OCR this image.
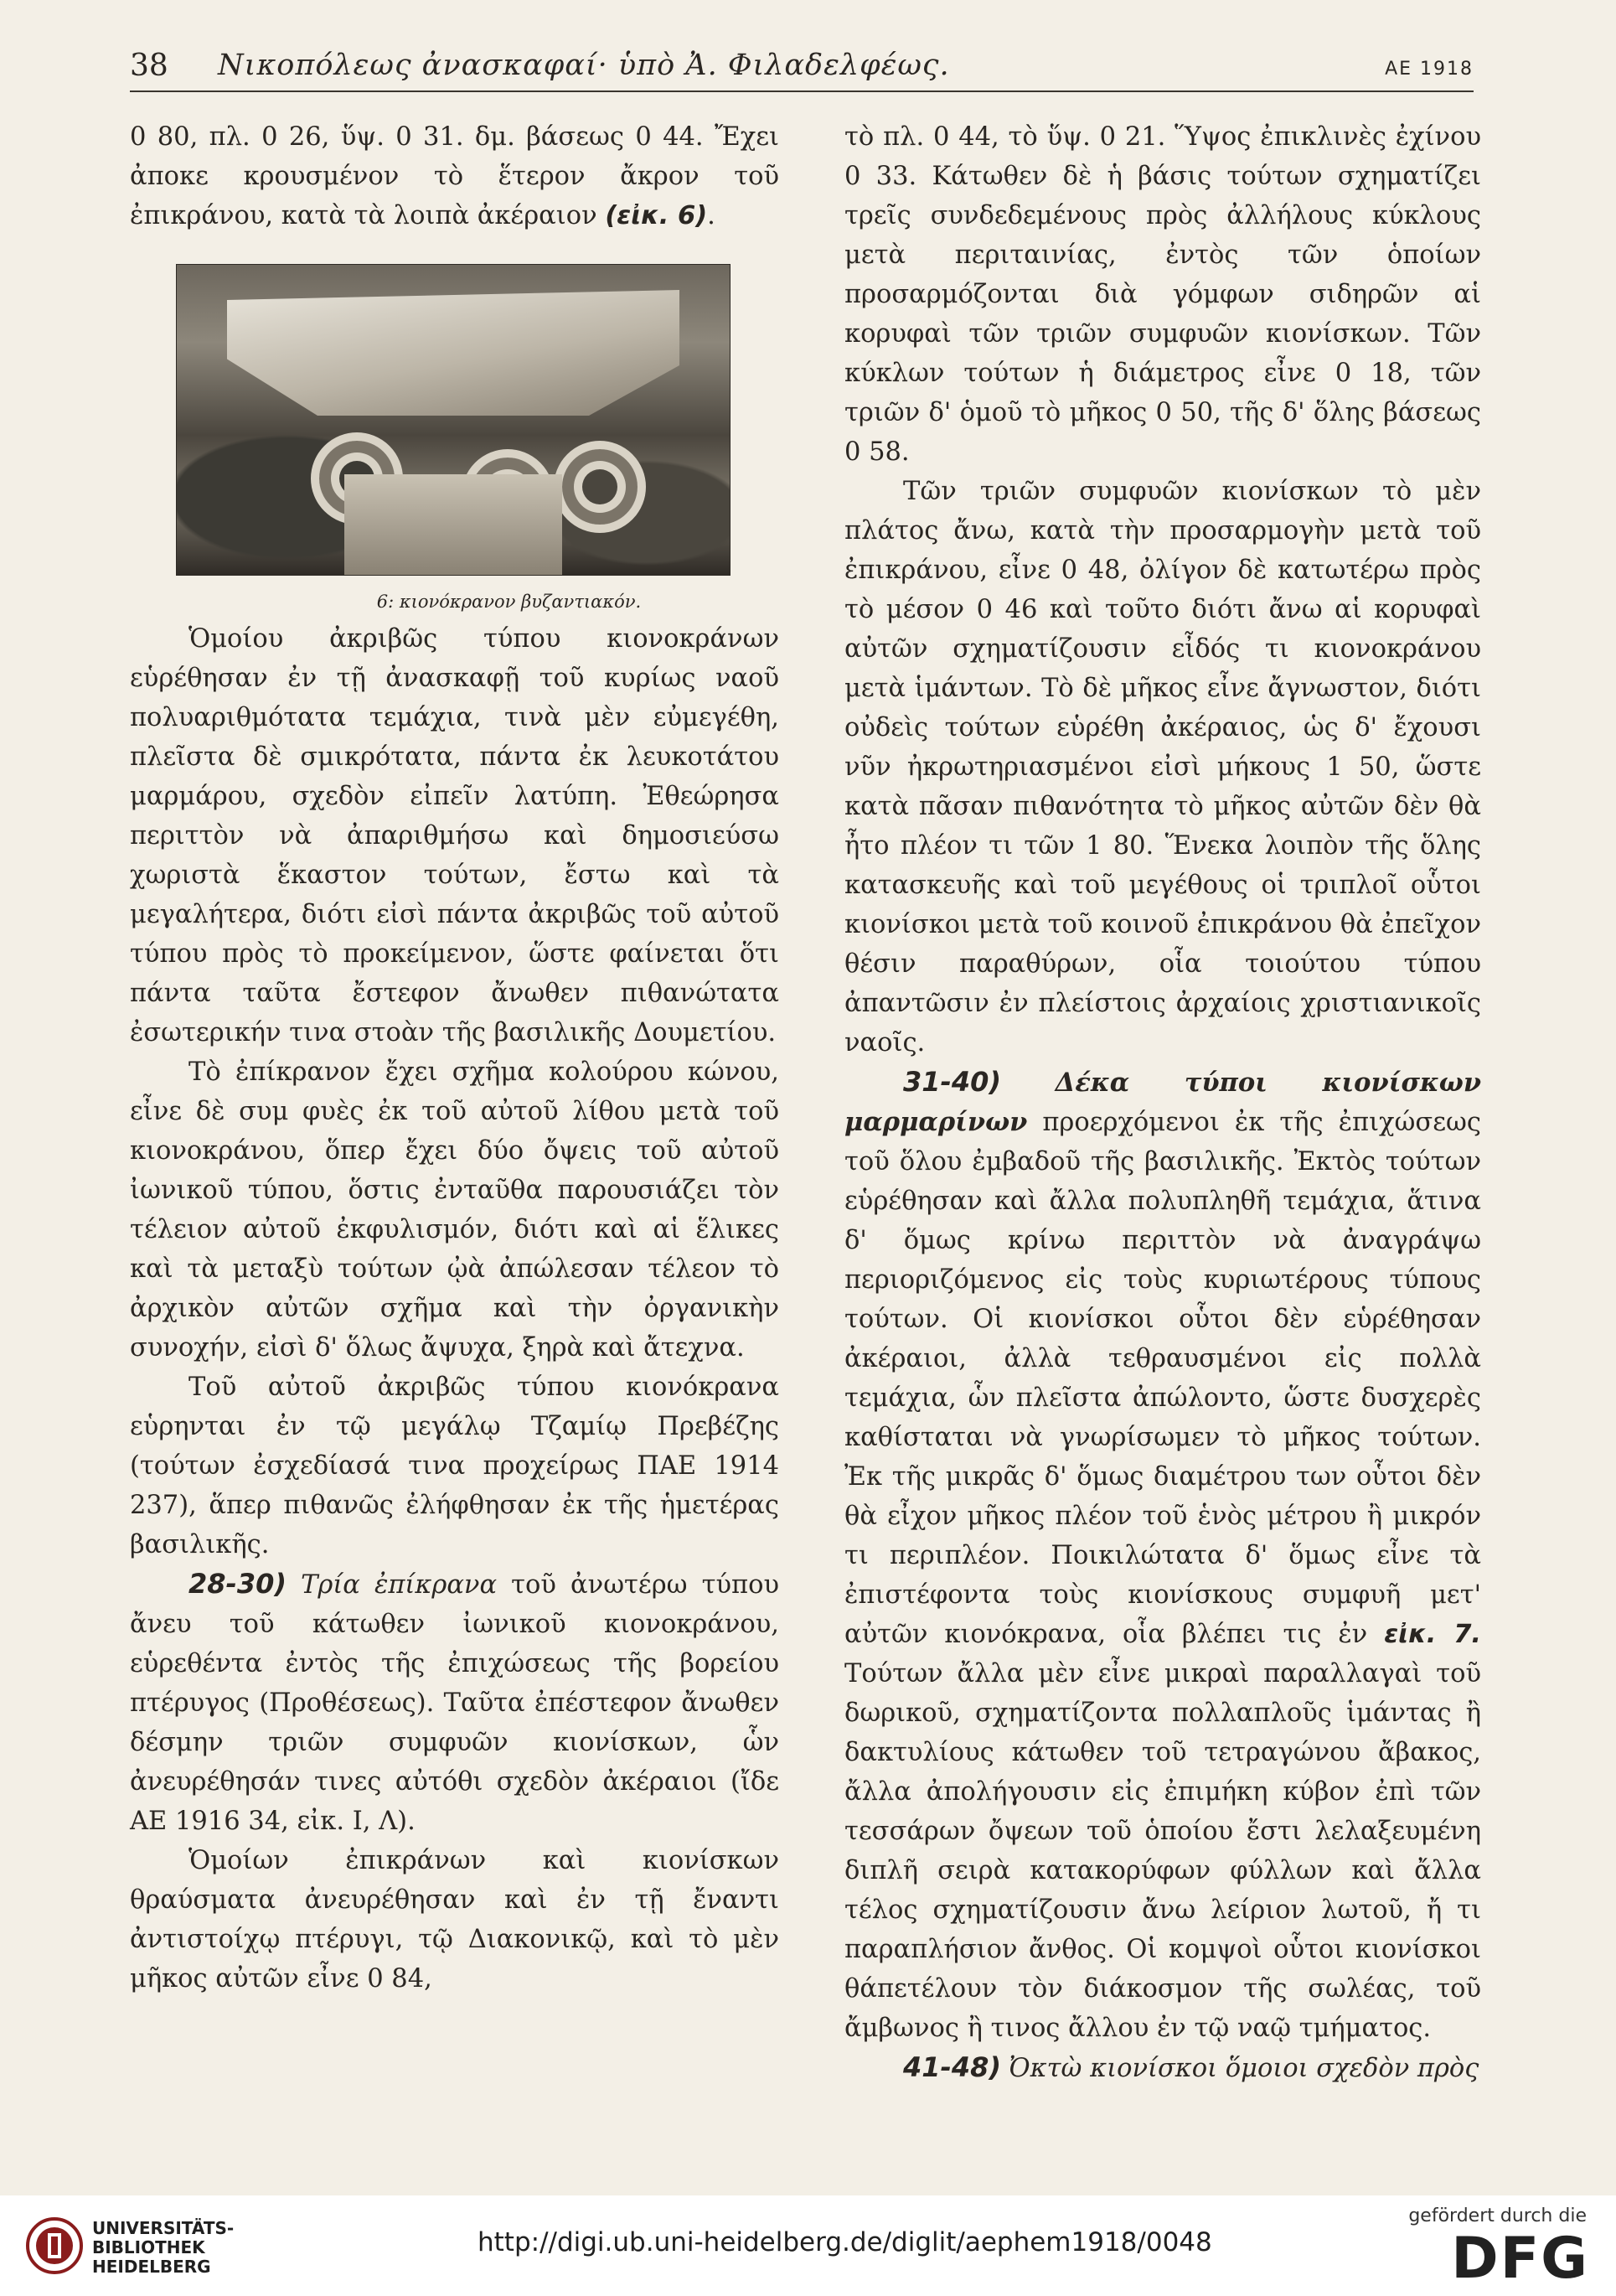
38 Νικοπόλεως ἀνασκαφαί· ὑπὸ Ἀ. Φιλαδελφέως.	ΑΕ 1918

0 80, πλ. 0 26, ὕψ. 0 31. δμ. βάσεως 0 44. Ἔχει ἀποκε κρουσμένον τὸ ἕτερον ἄκρον τοῦ ἐπικράνου, κατὰ τὰ λοιπὰ ἀκέραιον (εἰκ. 6).

6: κιονόκρανον βυζαντιακόν.

Ὁμοίου ἀκριβῶς τύπου κιονοκράνων εὑρέθησαν ἐν τῇ ἀνασκαφῇ τοῦ κυρίως ναοῦ πολυαριθμότατα τεμάχια, τινὰ μὲν εὐμεγέθη, πλεῖστα δὲ σμικρότατα, πάντα ἐκ λευκοτάτου μαρμάρου, σχεδὸν εἰπεῖν λατύπη. Ἐθεώρησα περιττὸν νὰ ἀπαριθμήσω καὶ δημοσιεύσω χωριστὰ ἕκαστον τούτων, ἔστω καὶ τὰ μεγαλήτερα, διότι εἰσὶ πάντα ἀκριβῶς τοῦ αὐτοῦ τύπου πρὸς τὸ προκείμενον, ὥστε φαίνεται ὅτι πάντα ταῦτα ἔστεφον ἄνωθεν πιθανώτατα ἐσωτερικήν τινα στοὰν τῆς βασιλικῆς Δουμετίου.

Τὸ ἐπίκρανον ἔχει σχῆμα κολούρου κώνου, εἶνε δὲ συμ φυὲς ἐκ τοῦ αὐτοῦ λίθου μετὰ τοῦ κιονοκράνου, ὅπερ ἔχει δύο ὄψεις τοῦ αὐτοῦ ἰωνικοῦ τύπου, ὅστις ἐνταῦθα παρουσιάζει τὸν τέλειον αὐτοῦ ἐκφυλισμόν, διότι καὶ αἱ ἕλικες καὶ τὰ μεταξὺ τούτων ᾠὰ ἀπώλεσαν τέλεον τὸ ἀρχικὸν αὐτῶν σχῆμα καὶ τὴν ὀργανικὴν συνοχήν, εἰσὶ δ' ὅλως ἄψυχα, ξηρὰ καὶ ἄτεχνα.

Τοῦ αὐτοῦ ἀκριβῶς τύπου κιονόκρανα εὑρηνται ἐν τῷ μεγάλῳ Τζαμίῳ Πρεβέζης (τούτων ἐσχεδίασά τινα προχείρως ΠΑΕ 1914 237), ἅπερ πιθανῶς ἐλήφθησαν ἐκ τῆς ἡμετέρας βασιλικῆς.

28-30) Τρία ἐπίκρανα τοῦ ἀνωτέρω τύπου ἄνευ τοῦ κάτωθεν ἰωνικοῦ κιονοκράνου, εὑρεθέντα ἐντὸς τῆς ἐπιχώσεως τῆς βορείου πτέρυγος (Προθέσεως). Ταῦτα ἐπέστεφον ἄνωθεν δέσμην τριῶν συμφυῶν κιονίσκων, ὧν ἀνευρέθησάν τινες αὐτόθι σχεδὸν ἀκέραιοι (ἴδε ΑΕ 1916 34, εἰκ. Ι, Λ).

Ὁμοίων ἐπικράνων καὶ κιονίσκων θραύσματα ἀνευρέθησαν καὶ ἐν τῇ ἔναντι ἀντιστοίχῳ πτέρυγι, τῷ Διακονικῷ, καὶ τὸ μὲν μῆκος αὐτῶν εἶνε 0 84,

τὸ πλ. 0 44, τὸ ὕψ. 0 21. Ὕψος ἐπικλινὲς ἐχίνου 0 33. Κάτωθεν δὲ ἡ βάσις τούτων σχηματίζει τρεῖς συνδεδεμένους πρὸς ἀλλήλους κύκλους μετὰ περιταινίας, ἐντὸς τῶν ὁποίων προσαρμόζονται διὰ γόμφων σιδηρῶν αἱ κορυφαὶ τῶν τριῶν συμφυῶν κιονίσκων. Τῶν κύκλων τούτων ἡ διάμετρος εἶνε 0 18, τῶν τριῶν δ' ὁμοῦ τὸ μῆκος 0 50, τῆς δ' ὅλης βάσεως 0 58.

Τῶν τριῶν συμφυῶν κιονίσκων τὸ μὲν πλάτος ἄνω, κατὰ τὴν προσαρμογὴν μετὰ τοῦ ἐπικράνου, εἶνε 0 48, ὀλίγον δὲ κατωτέρω πρὸς τὸ μέσον 0 46 καὶ τοῦτο διότι ἄνω αἱ κορυφαὶ αὐτῶν σχηματίζουσιν εἶδός τι κιονοκράνου μετὰ ἱμάντων. Τὸ δὲ μῆκος εἶνε ἄγνωστον, διότι οὐδεὶς τούτων εὑρέθη ἀκέραιος, ὡς δ' ἔχουσι νῦν ἠκρωτηριασμένοι εἰσὶ μήκους 1 50, ὥστε κατὰ πᾶσαν πιθανότητα τὸ μῆκος αὐτῶν δὲν θὰ ἦτο πλέον τι τῶν 1 80. Ἕνεκα λοιπὸν τῆς ὅλης κατασκευῆς καὶ τοῦ μεγέθους οἱ τριπλοῖ οὗτοι κιονίσκοι μετὰ τοῦ κοινοῦ ἐπικράνου θὰ ἐπεῖχον θέσιν παραθύρων, οἷα τοιούτου τύπου ἀπαντῶσιν ἐν πλείστοις ἀρχαίοις χριστιανικοῖς ναοῖς.

31-40) Δέκα τύποι κιονίσκων μαρμαρίνων προερχόμενοι ἐκ τῆς ἐπιχώσεως τοῦ ὅλου ἐμβαδοῦ τῆς βασιλικῆς. Ἐκτὸς τούτων εὑρέθησαν καὶ ἄλλα πολυπληθῆ τεμάχια, ἅτινα δ' ὅμως κρίνω περιττὸν νὰ ἀναγράψω περιοριζόμενος εἰς τοὺς κυριωτέρους τύπους τούτων. Οἱ κιονίσκοι οὗτοι δὲν εὑρέθησαν ἀκέραιοι, ἀλλὰ τεθραυσμένοι εἰς πολλὰ τεμάχια, ὧν πλεῖστα ἀπώλοντο, ὥστε δυσχερὲς καθίσταται νὰ γνωρίσωμεν τὸ μῆκος τούτων. Ἐκ τῆς μικρᾶς δ' ὅμως διαμέτρου των οὗτοι δὲν θὰ εἶχον μῆκος πλέον τοῦ ἑνὸς μέτρου ἢ μικρόν τι περιπλέον. Ποικιλώτατα δ' ὅμως εἶνε τὰ ἐπιστέφοντα τοὺς κιονίσκους συμφυῆ μετ' αὐτῶν κιονόκρανα, οἷα βλέπει τις ἐν εἰκ. 7. Τούτων ἄλλα μὲν εἶνε μικραὶ παραλλαγαὶ τοῦ δωρικοῦ, σχηματίζοντα πολλαπλοῦς ἱμάντας ἢ δακτυλίους κάτωθεν τοῦ τετραγώνου ἄβακος, ἄλλα ἀπολήγουσιν εἰς ἐπιμήκη κύβον ἐπὶ τῶν τεσσάρων ὄψεων τοῦ ὁποίου ἔστι λελαξευμένη διπλῆ σειρὰ κατακορύφων φύλλων καὶ ἄλλα τέλος σχηματίζουσιν ἄνω λείριον λωτοῦ, ἤ τι παραπλήσιον ἄνθος. Οἱ κομψοὶ οὗτοι κιονίσκοι θάπετέλουν τὸν διάκοσμον τῆς σωλέας, τοῦ ἄμβωνος ἢ τινος ἄλλου ἐν τῷ ναῷ τμήματος.

41-48) Ὀκτὼ κιονίσκοι ὅμοιοι σχεδὸν πρὸς

UNIVERSITÄTS-
BIBLIOTHEK
HEIDELBERG
http://digi.ub.uni-heidelberg.de/diglit/aephem1918/0048
gefördert durch die
DFG
